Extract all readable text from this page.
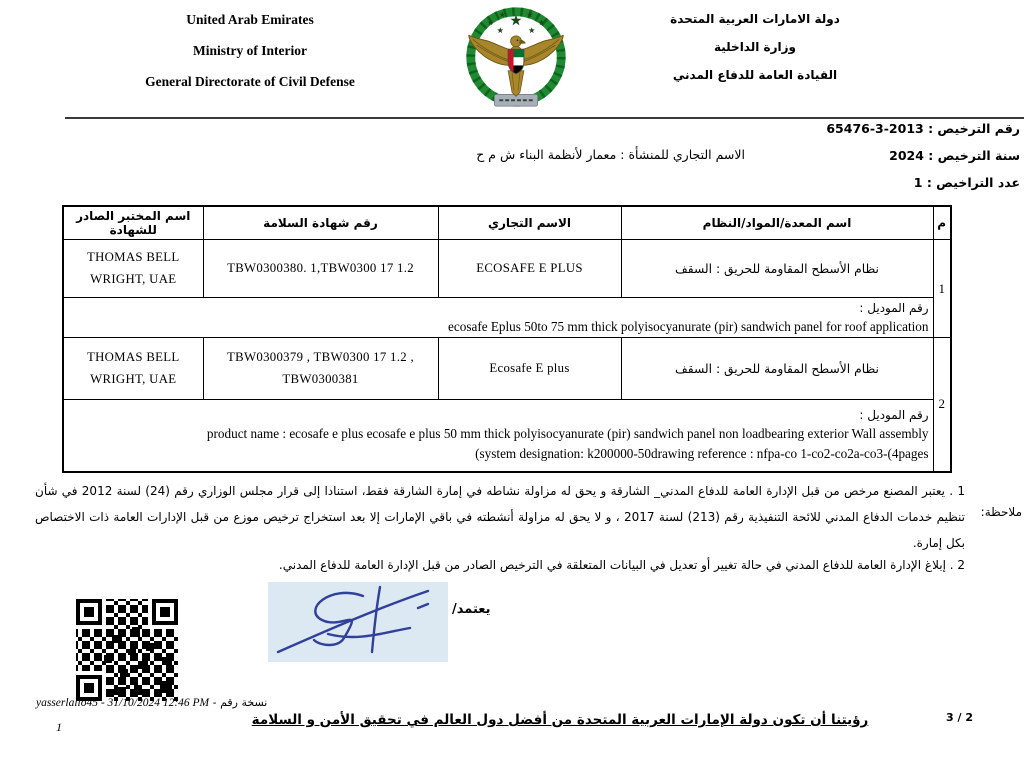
United Arab Emirates
Ministry of Interior
General Directorate of Civil Defense
دولة الامارات العربية المتحدة
وزارة الداخلية
القيادة العامة للدفاع المدني
رقم الترخيص : 65476-3-2013
سنة الترخيص : 2024
الاسم التجاري للمنشأة : معمار لأنظمة البناء ش م ح
عدد التراخيص : 1
اسم المختبر الصادر للشهادة	رقم شهادة السلامة	الاسم التجاري	اسم المعدة/المواد/النظام	م
THOMAS BELL WRIGHT, UAE	TBW0300380. 1,TBW0300 17 1.2	ECOSAFE E PLUS	نظام الأسطح المقاومة للحريق : السقف	1

رقم الموديل :
ecosafe Eplus 50to 75 mm thick polyisocyanurate (pir) sandwich panel for roof application				

THOMAS BELL WRIGHT, UAE	TBW0300379 , TBW0300 17 1.2 , TBW0300381	Ecosafe E plus	نظام الأسطح المقاومة للحريق : السقف	2

رقم الموديل :
product name : ecosafe e plus ecosafe e plus 50 mm thick polyisocyanurate (pir) sandwich panel non loadbearing exterior Wall assembly
(system designation: k200000-50drawing reference : nfpa-co 1-co2-co2a-co3-(4pages				
ملاحظة:
1 . يعتبر المصنع مرخص من قبل الإدارة العامة للدفاع المدني_ الشارقة و يحق له مزاولة نشاطه في إمارة الشارقة فقط، استنادا إلى قرار مجلس الوزاري رقم (24) لسنة 2012 في شأن تنظيم خدمات الدفاع المدني للائحة التنفيذية رقم (213) لسنة 2017 ، و لا يحق له مزاولة أنشطته في باقي الإمارات إلا بعد استخراج ترخيص موزع من قبل الإدارات العامة ذات الاختصاص بكل إمارة.
2 . إبلاغ الإدارة العامة للدفاع المدني في حالة تغيير أو تعديل في البيانات المتعلقة في الترخيص الصادر من قبل الإدارة العامة للدفاع المدني.
يعتمد/
نسخة رقم - yasserlallo45 - 31/10/2024 12:46 PM
1	رؤيتنا أن تكون دولة الإمارات العربية المتحدة من أفضل دول العالم في تحقيق الأمن و السلامة	3 / 2
